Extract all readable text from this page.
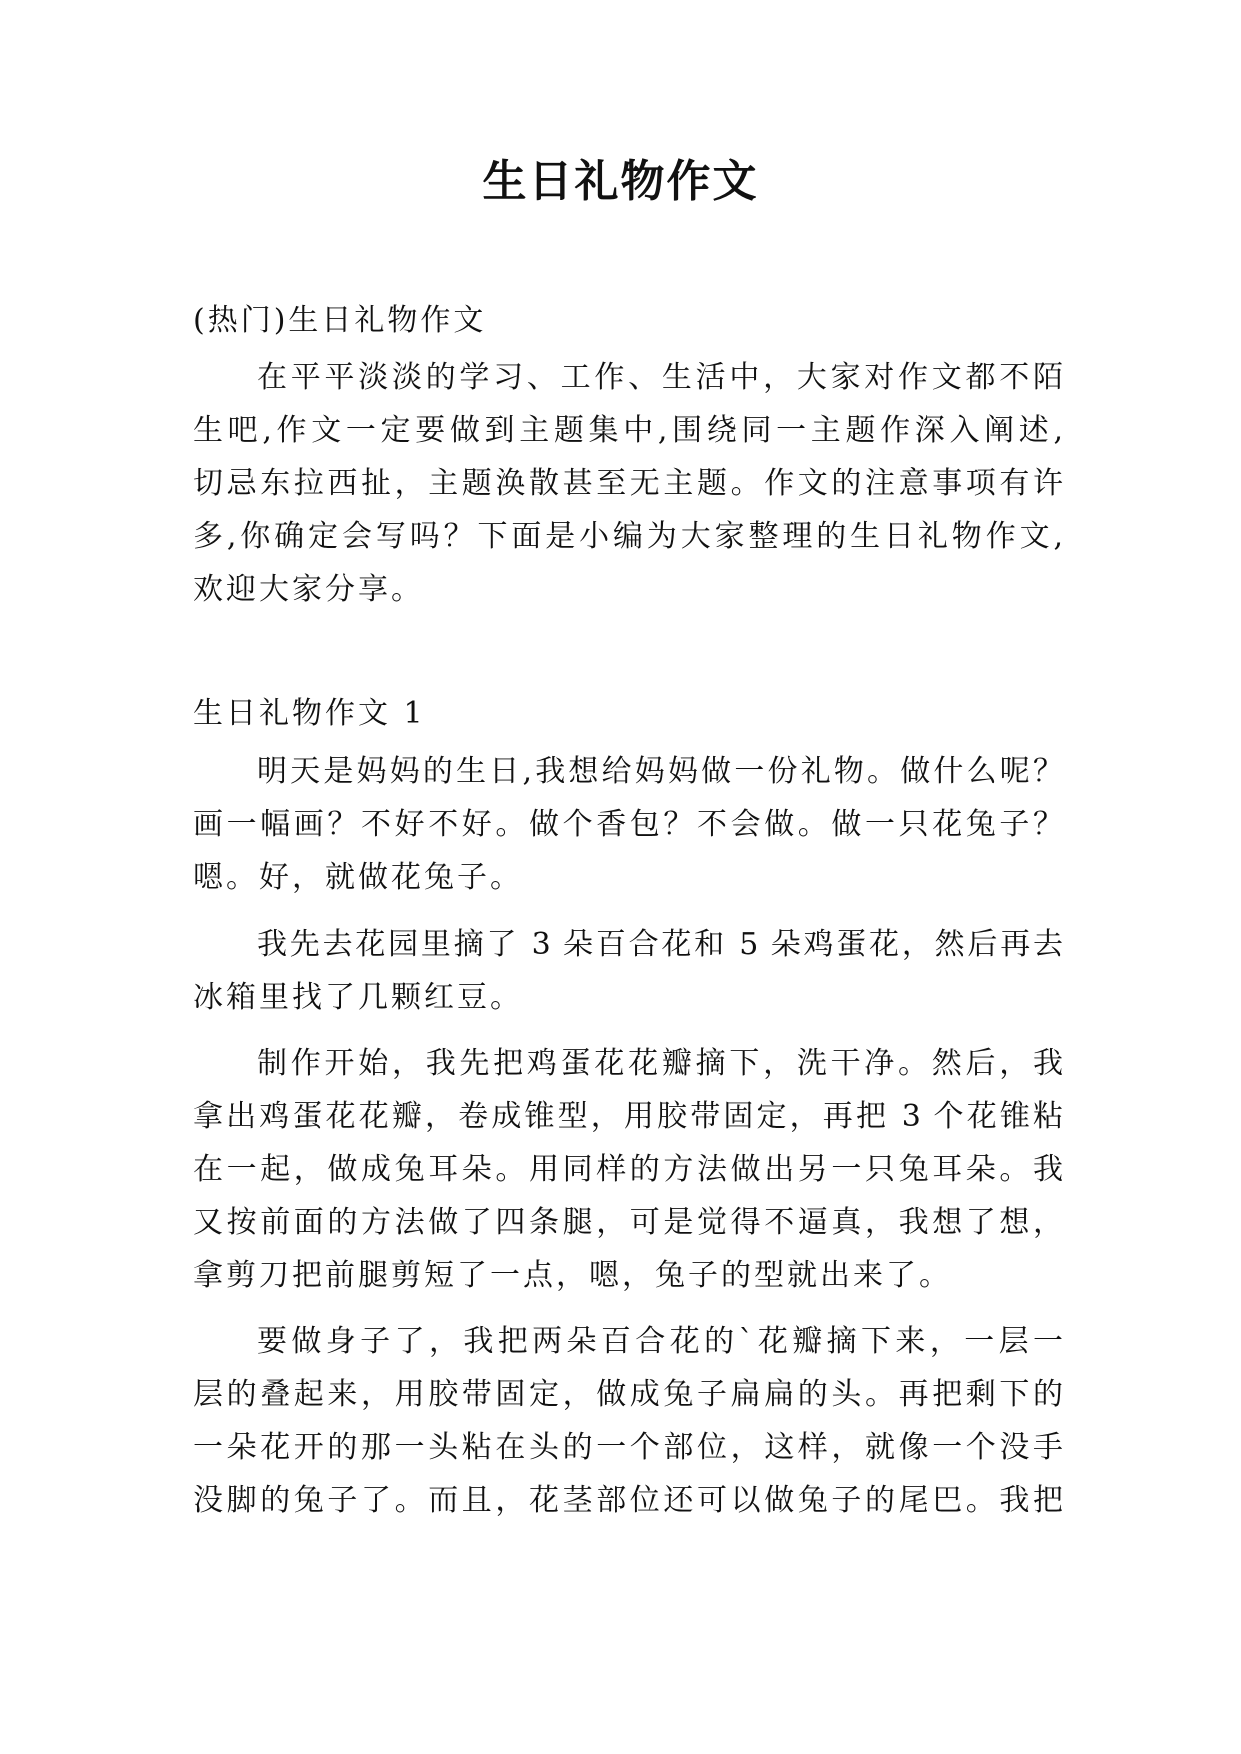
生日礼物作文
(热门)生日礼物作文
在平平淡淡的学习、工作、生活中，大家对作文都不陌
生吧,作文一定要做到主题集中,围绕同一主题作深入阐述,
切忌东拉西扯，主题涣散甚至无主题。作文的注意事项有许
多,你确定会写吗？下面是小编为大家整理的生日礼物作文,
欢迎大家分享。
生日礼物作文 1
明天是妈妈的生日,我想给妈妈做一份礼物。做什么呢？
画一幅画？不好不好。做个香包？不会做。做一只花兔子？
嗯。好，就做花兔子。
我先去花园里摘了 3 朵百合花和 5 朵鸡蛋花，然后再去
冰箱里找了几颗红豆。
制作开始，我先把鸡蛋花花瓣摘下，洗干净。然后，我
拿出鸡蛋花花瓣，卷成锥型，用胶带固定，再把 3 个花锥粘
在一起，做成兔耳朵。用同样的方法做出另一只兔耳朵。我
又按前面的方法做了四条腿，可是觉得不逼真，我想了想，
拿剪刀把前腿剪短了一点，嗯，兔子的型就出来了。
要做身子了，我把两朵百合花的`花瓣摘下来，一层一
层的叠起来，用胶带固定，做成兔子扁扁的头。再把剩下的
一朵花开的那一头粘在头的一个部位，这样，就像一个没手
没脚的兔子了。而且，花茎部位还可以做兔子的尾巴。我把
